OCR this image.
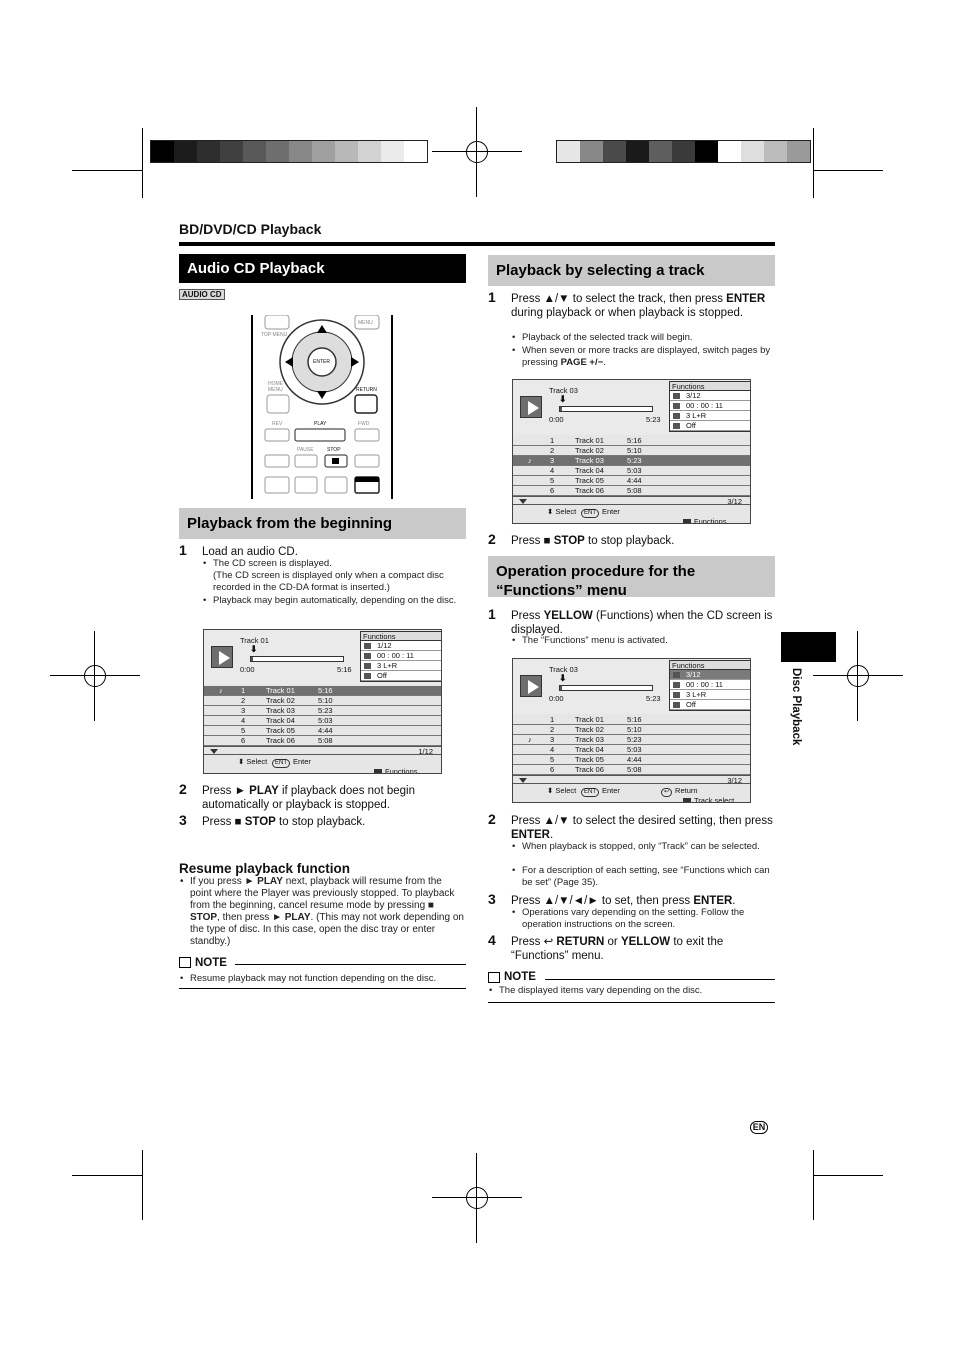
BD/DVD/CD Playback
Audio CD Playback
AUDIO CD
TOP MENU
MENU
ENTER
HOME MENU	RETURN
REV	PLAY	FWD
PAUSE	STOP
Playback from the beginning
1 Load an audio CD.
• The CD screen is displayed.
(The CD screen is displayed only when a compact disc recorded in the CD-DA format is inserted.)
• Playback may begin automatically, depending on the disc.
Track 01
⬇
0:00	5:16
Functions
1/12
00 : 00 : 11
3 L+R
Off
♪ 1	Track 01	5:16
2	Track 02	5:10
3	Track 03	5:23
4	Track 04	5:03
5	Track 05	4:44
6	Track 06	5:08
1/12
⬍ Select	ENT Enter
Functions
2 Press ► PLAY if playback does not begin automatically or playback is stopped.
3 Press ■ STOP to stop playback.
Resume playback function
• If you press ► PLAY next, playback will resume from the point where the Player was previously stopped. To playback from the beginning, cancel resume mode by pressing ■ STOP, then press ► PLAY. (This may not work depending on the type of disc. In this case, open the disc tray or enter standby.)
NOTE
• Resume playback may not function depending on the disc.
Playback by selecting a track
1 Press ▲/▼ to select the track, then press ENTER during playback or when playback is stopped.
• Playback of the selected track will begin.
• When seven or more tracks are displayed, switch pages by pressing PAGE +/−.
Track 03
⬇
0:00	5:23
Functions
3/12
00 : 00 : 11
3 L+R
Off
1	Track 01	5:16
2	Track 02	5:10
♪ 3	Track 03	5:23
4	Track 04	5:03
5	Track 05	4:44
6	Track 06	5:08
3/12
⬍ Select	ENT Enter
Functions
2 Press ■ STOP to stop playback.
Operation procedure for the “Functions” menu
1 Press YELLOW (Functions) when the CD screen is displayed.
• The “Functions” menu is activated.
Track 03
⬇
0:00	5:23
Functions
3/12
00 : 00 : 11
3 L+R
Off
1	Track 01	5:16
2	Track 02	5:10
♪ 3	Track 03	5:23
4	Track 04	5:03
5	Track 05	4:44
6	Track 06	5:08
3/12
⬍ Select	ENT Enter	↩ Return
Track select
2 Press ▲/▼ to select the desired setting, then press ENTER.
• When playback is stopped, only “Track” can be selected.
• For a description of each setting, see “Functions which can be set” (Page 35).
3 Press ▲/▼/◄/► to set, then press ENTER.
• Operations vary depending on the setting. Follow the operation instructions on the screen.
4 Press ↩ RETURN or YELLOW to exit the “Functions” menu.
NOTE
• The displayed items vary depending on the disc.
Disc Playback
EN
